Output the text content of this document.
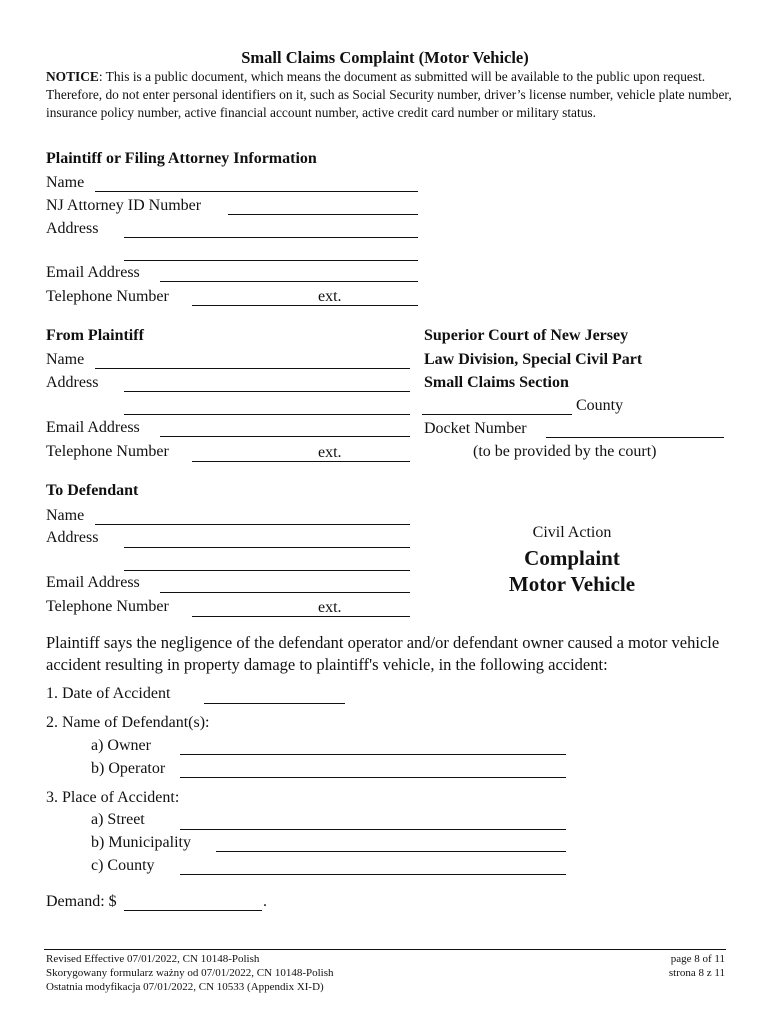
Small Claims Complaint (Motor Vehicle)
NOTICE: This is a public document, which means the document as submitted will be available to the public upon request. Therefore, do not enter personal identifiers on it, such as Social Security number, driver’s license number, vehicle plate number, insurance policy number, active financial account number, active credit card number or military status.
Plaintiff or Filing Attorney Information
Name
NJ Attorney ID Number
Address
Email Address
Telephone Number	ext.
From Plaintiff
Name
Address
Email Address
Telephone Number	ext.
Superior Court of New Jersey
Law Division, Special Civil Part
Small Claims Section
County
Docket Number
(to be provided by the court)
To Defendant
Name
Address
Email Address
Telephone Number	ext.
Civil Action
Complaint
Motor Vehicle
Plaintiff says the negligence of the defendant operator and/or defendant owner caused a motor vehicle accident resulting in property damage to plaintiff's vehicle, in the following accident:
1. Date of Accident
2. Name of Defendant(s):
a) Owner
b) Operator
3. Place of Accident:
a) Street
b) Municipality
c) County
Demand: $	.
Revised Effective 07/01/2022, CN 10148-Polish
Skorygowany formularz ważny od 07/01/2022, CN 10148-Polish
Ostatnia modyfikacja 07/01/2022, CN 10533 (Appendix XI-D)
page 8 of 11
strona 8 z 11
